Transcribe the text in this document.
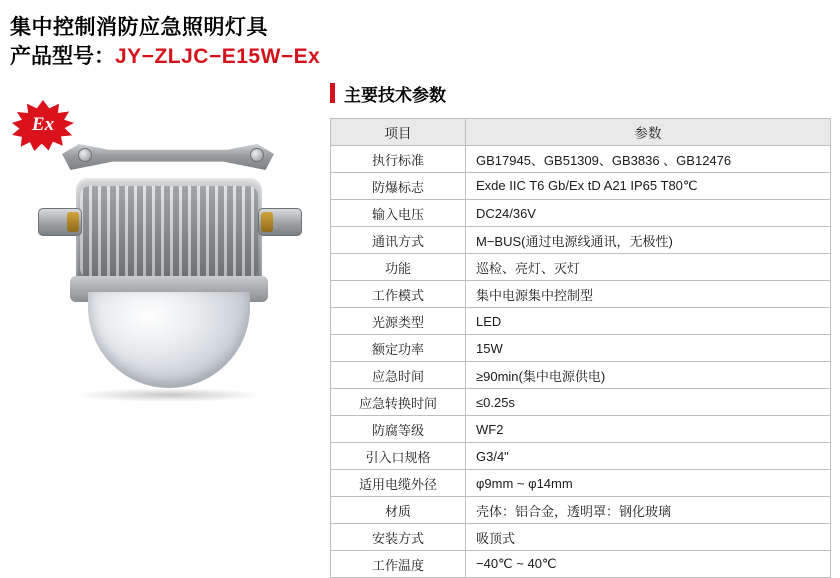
集中控制消防应急照明灯具
产品型号：JY−ZLJC−E15W−Ex
Ex
主要技术参数
项目	参数
执行标准	GB17945、GB51309、GB3836 、GB12476
防爆标志	Exde IIC T6 Gb/Ex tD A21 IP65 T80℃
输入电压	DC24/36V
通讯方式	M−BUS(通过电源线通讯，无极性)
功能	巡检、亮灯、灭灯
工作模式	集中电源集中控制型
光源类型	LED
额定功率	15W
应急时间	≥90min(集中电源供电)
应急转换时间	≤0.25s
防腐等级	WF2
引入口规格	G3/4"
适用电缆外径	φ9mm ~ φ14mm
材质	壳体：铝合金，透明罩：钢化玻璃
安装方式	吸顶式
工作温度	−40℃ ~ 40℃
